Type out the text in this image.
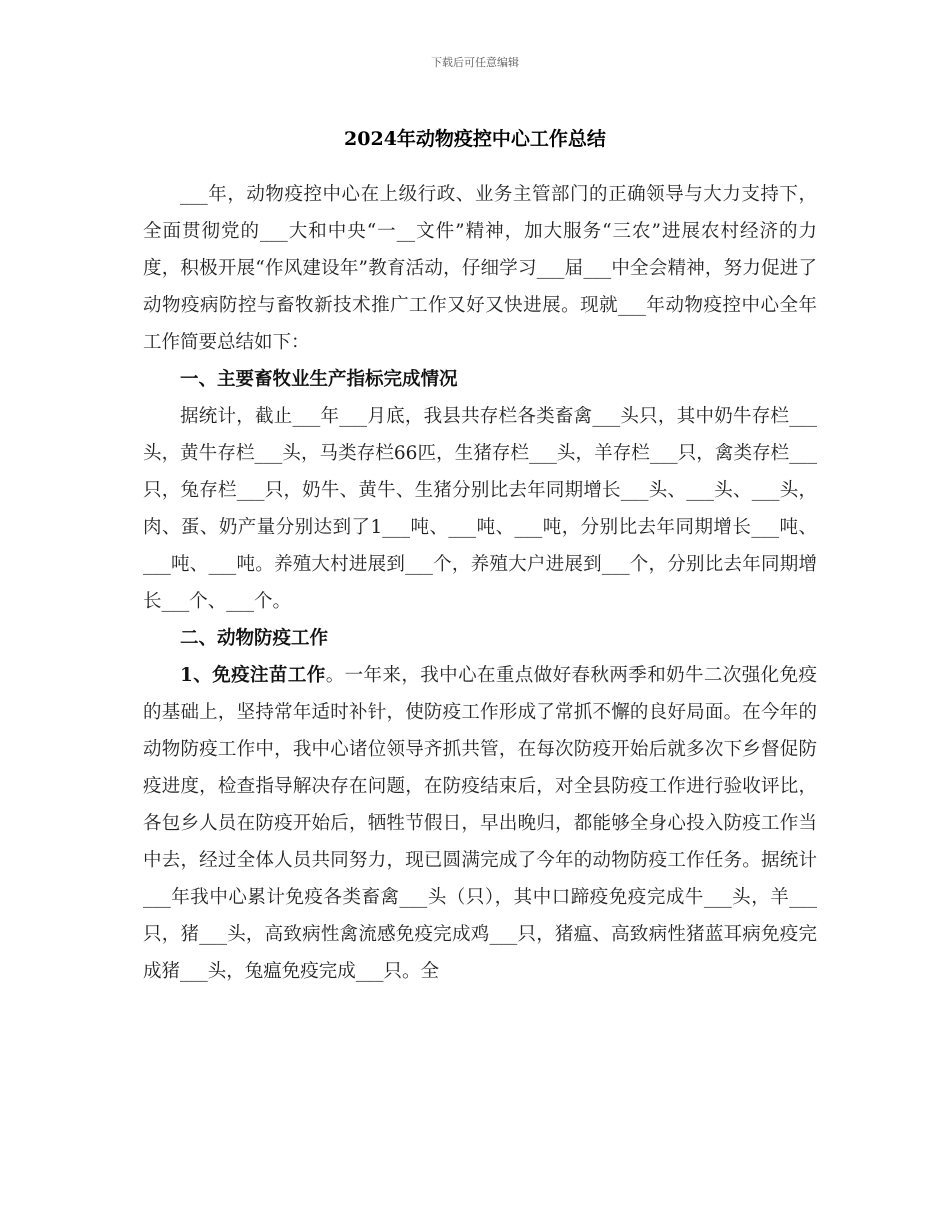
下载后可任意编辑
2024年动物疫控中心工作总结

___年，动物疫控中心在上级行政、业务主管部门的正确领导与大力支持下，全面贯彻党的___大和中央“一__文件”精神，加大服务“三农”进展农村经济的力度，积极开展“作风建设年”教育活动，仔细学习___届___中全会精神，努力促进了动物疫病防控与畜牧新技术推广工作又好又快进展。现就___年动物疫控中心全年工作简要总结如下：

一、主要畜牧业生产指标完成情况

据统计，截止___年___月底，我县共存栏各类畜禽___头只，其中奶牛存栏___头，黄牛存栏___头，马类存栏66匹，生猪存栏___头，羊存栏___只，禽类存栏___只，兔存栏___只，奶牛、黄牛、生猪分别比去年同期增长___头、___头、___头，肉、蛋、奶产量分别达到了1___吨、___吨、___吨，分别比去年同期增长___吨、___吨、___吨。养殖大村进展到___个，养殖大户进展到___个，分别比去年同期增长___个、___个。

二、动物防疫工作

1、免疫注苗工作。一年来，我中心在重点做好春秋两季和奶牛二次强化免疫的基础上，坚持常年适时补针，使防疫工作形成了常抓不懈的良好局面。在今年的动物防疫工作中，我中心诸位领导齐抓共管，在每次防疫开始后就多次下乡督促防疫进度，检查指导解决存在问题，在防疫结束后，对全县防疫工作进行验收评比，各包乡人员在防疫开始后，牺牲节假日，早出晚归，都能够全身心投入防疫工作当中去，经过全体人员共同努力，现已圆满完成了今年的动物防疫工作任务。据统计___年我中心累计免疫各类畜禽___头（只），其中口蹄疫免疫完成牛___头，羊___只，猪___头，高致病性禽流感免疫完成鸡___只，猪瘟、高致病性猪蓝耳病免疫完成猪___头，兔瘟免疫完成___只。全
